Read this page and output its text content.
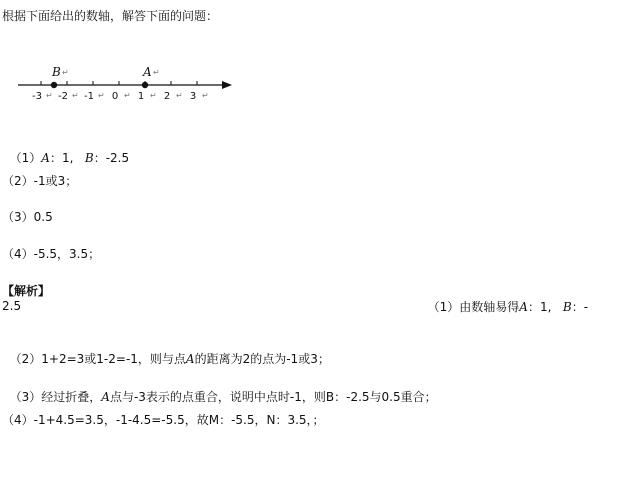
根据下面给出的数轴，解答下面的问题：
-3 ↵ -2 ↵ -1 ↵ 0 ↵ 1 ↵ 2 ↵ 3 ↵
B ↵	A ↵

（1）A：1,   B：-2.5

（2）-1或3；
（3）0.5
（4）-5.5，3.5；
【解析】

（1）由数轴易得A：1,   B：-

2.5

（2）1+2=3或1-2=-1，则与点A的距离为2的点为-1或3；

（3）经过折叠，A点与-3表示的点重合，说明中点时-1，则B：-2.5与0.5重合；

（4）-1+4.5=3.5，-1-4.5=-5.5，故M：-5.5，N：3.5，；
